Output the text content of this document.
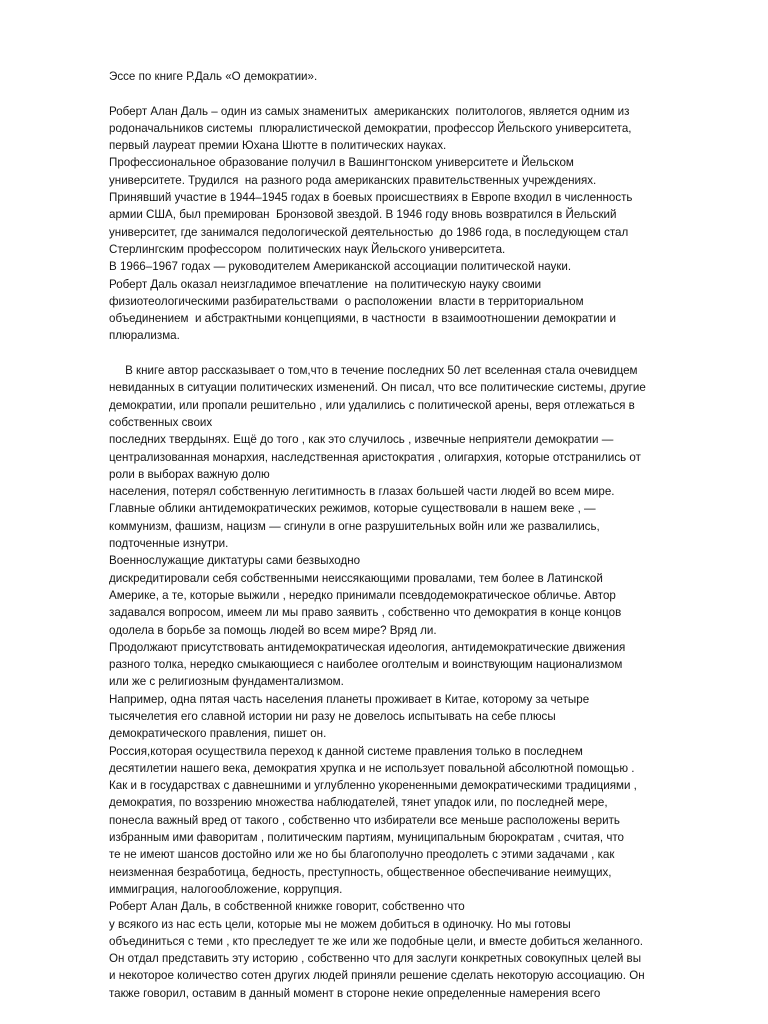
Эссе по книге Р.Даль «О демократии».
Роберт Алан Даль – один из самых знаменитых  американских  политологов, является одним из
родоначальников системы  плюралистической демократии, профессор Йельского университета,
первый лауреат премии Юхана Шютте в политических науках.
Профессиональное образование получил в Вашингтонском университете и Йельском
университете. Трудился  на разного рода американских правительственных учреждениях.
Принявший участие в 1944–1945 годах в боевых происшествиях в Европе входил в численность
армии США, был премирован  Бронзовой звездой. В 1946 году вновь возвратился в Йельский
университет, где занимался педологической деятельностью  до 1986 года, в последующем стал
Стерлингским профессором  политических наук Йельского университета.
В 1966–1967 годах — руководителем Американской ассоциации политической науки.
Роберт Даль оказал неизгладимое впечатление  на политическую науку своими
физиотеологическими разбирательствами  о расположении  власти в территориальном
объединением  и абстрактными концепциями, в частности  в взаимоотношении демократии и
плюрализма.
В книге автор рассказывает о том,что в течение последних 50 лет вселенная стала очевидцем
невиданных в ситуации политических изменений. Он писал, что все политические системы, другие
демократии, или пропали решительно , или удалились с политической арены, веря отлежаться в
собственных своих
последних твердынях. Ещё до того , как это случилось , извечные неприятели демократии —
централизованная монархия, наследственная аристократия , олигархия, которые отстранились от
роли в выборах важную долю
населения, потерял собственную легитимность в глазах большей части людей во всем мире.
Главные облики антидемократических режимов, которые существовали в нашем веке , —
коммунизм, фашизм, нацизм — сгинули в огне разрушительных войн или же развалились,
подточенные изнутри.
Военнослужащие диктатуры сами безвыходно
дискредитировали себя собственными неиссякающими провалами, тем более в Латинской
Америке, а те, которые выжили , нередко принимали псевдодемократическое обличье. Автор
задавался вопросом, имеем ли мы право заявить , собственно что демократия в конце концов
одолела в борьбе за помощь людей во всем мире? Вряд ли.
Продолжают присутствовать антидемократическая идеология, антидемократические движения
разного толка, нередко смыкающиеся с наиболее оголтелым и воинствующим национализмом
или же с религиозным фундаментализмом.
Например, одна пятая часть населения планеты проживает в Китае, которому за четыре
тысячелетия его славной истории ни разу не довелось испытывать на себе плюсы
демократического правления, пишет он.
Россия,которая осуществила переход к данной системе правления только в последнем
десятилетии нашего века, демократия хрупка и не использует повальной абсолютной помощью .
Как и в государствах с давнешними и углубленно укорененными демократическими традициями ,
демократия, по воззрению множества наблюдателей, тянет упадок или, по последней мере,
понесла важный вред от такого , собственно что избиратели все меньше расположены верить
избранным ими фаворитам , политическим партиям, муниципальным бюрократам , считая, что
те не имеют шансов достойно или же но бы благополучно преодолеть с этими задачами , как
неизменная безработица, бедность, преступность, общественное обеспечивание неимущих,
иммиграция, налогообложение, коррупция.
Роберт Алан Даль, в собственной книжке говорит, собственно что
у всякого из нас есть цели, которые мы не можем добиться в одиночку. Но мы готовы
объединиться с теми , кто преследует те же или же подобные цели, и вместе добиться желанного.
Он отдал представить эту историю , собственно что для заслуги конкретных совокупных целей вы
и некоторое количество сотен других людей приняли решение сделать некоторую ассоциацию. Он
также говорил, оставим в данный момент в стороне некие определенные намерения всего
